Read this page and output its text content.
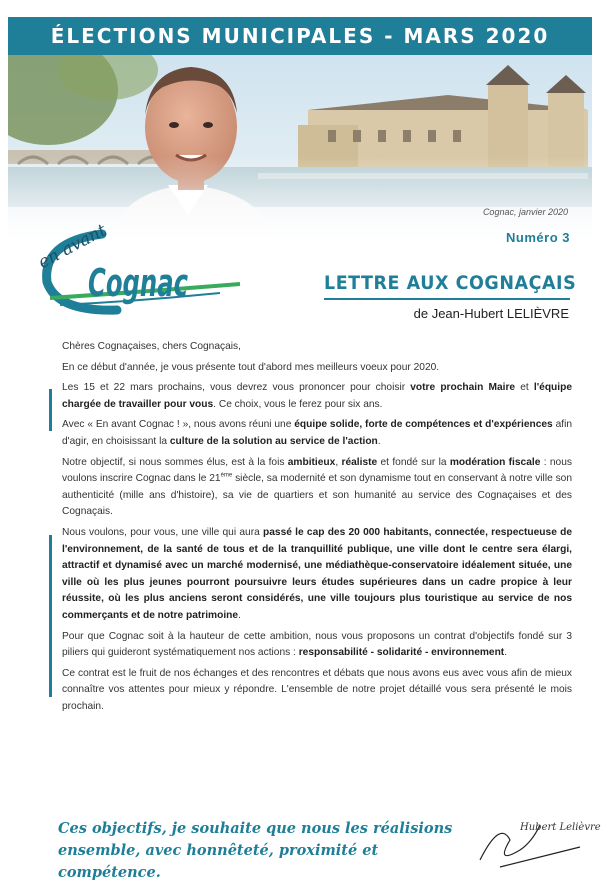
ÉLECTIONS MUNICIPALES - MARS 2020
Cognac, janvier 2020
Numéro 3
en avant
Cognac	LETTRE AUX COGNAÇAIS
de Jean-Hubert LELIÈVRE

Chères Cognaçaises, chers Cognaçais,

En ce début d'année, je vous présente tout d'abord mes meilleurs voeux pour 2020.

Les 15 et 22 mars prochains, vous devrez vous prononcer pour choisir votre prochain Maire et l'équipe chargée de travailler pour vous. Ce choix, vous le ferez pour six ans.

Avec « En avant Cognac ! », nous avons réuni une équipe solide, forte de compétences et d'expériences afin d'agir, en choisissant la culture de la solution au service de l'action.

Notre objectif, si nous sommes élus, est à la fois ambitieux, réaliste et fondé sur la modération fiscale : nous voulons inscrire Cognac dans le 21ème siècle, sa modernité et son dynamisme tout en conservant à notre ville son authenticité (mille ans d'histoire), sa vie de quartiers et son humanité au service des Cognaçaises et des Cognaçais.

Nous voulons, pour vous, une ville qui aura passé le cap des 20 000 habitants, connectée, respectueuse de l'environnement, de la santé de tous et de la tranquillité publique, une ville dont le centre sera élargi, attractif et dynamisé avec un marché modernisé, une médiathèque-conservatoire idéalement située, une ville où les plus jeunes pourront poursuivre leurs études supérieures dans un cadre propice à leur réussite, où les plus anciens seront considérés, une ville toujours plus touristique au service de nos commerçants et de notre patrimoine.

Pour que Cognac soit à la hauteur de cette ambition, nous vous proposons un contrat d'objectifs fondé sur 3 piliers qui guideront systématiquement nos actions : responsabilité - solidarité - environnement.

Ce contrat est le fruit de nos échanges et des rencontres et débats que nous avons eus avec vous afin de mieux connaître vos attentes pour mieux y répondre. L'ensemble de notre projet détaillé vous sera présenté le mois prochain.

Ces objectifs, je souhaite que nous les réalisions
ensemble, avec honnêteté, proximité et compétence.
Hubert Lelièvre
